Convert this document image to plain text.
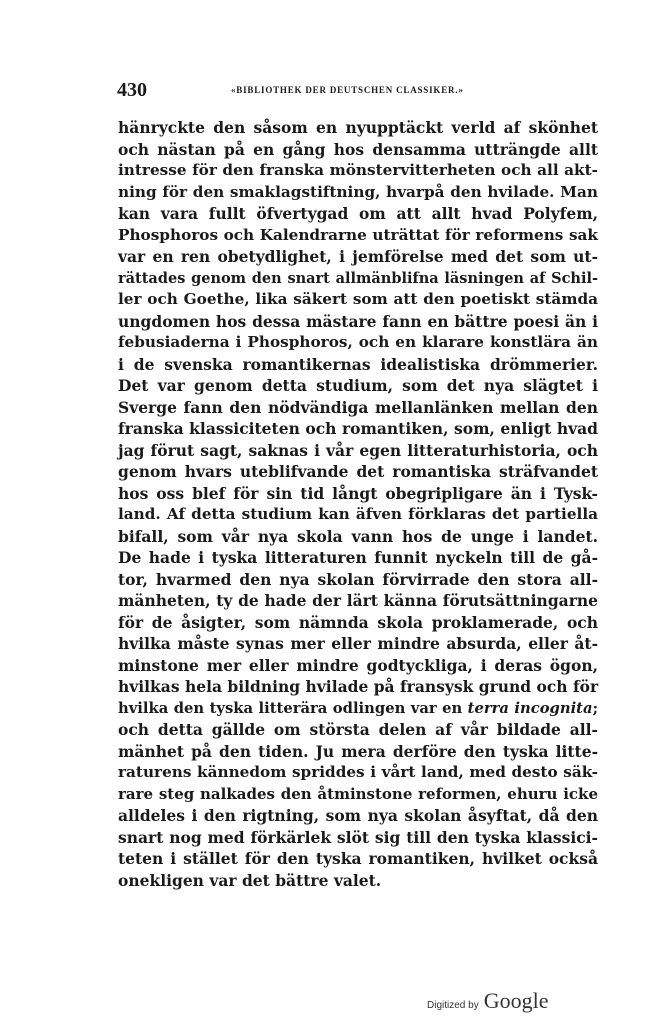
430	«BIBLIOTHEK DER DEUTSCHEN CLASSIKER.»
hänryckte den såsom en nyupptäckt verld af skönhet
och nästan på en gång hos densamma utträngde allt
intresse för den franska mönstervitterheten och all akt-
ning för den smaklagstiftning, hvarpå den hvilade. Man
kan vara fullt öfvertygad om att allt hvad Polyfem,
Phosphoros och Kalendrarne uträttat för reformens sak
var en ren obetydlighet, i jemförelse med det som ut-
rättades genom den snart allmänblifna läsningen af Schil-
ler och Goethe, lika säkert som att den poetiskt stämda
ungdomen hos dessa mästare fann en bättre poesi än i
febusiaderna i Phosphoros, och en klarare konstlära än
i de svenska romantikernas idealistiska drömmerier.
Det var genom detta studium, som det nya slägtet i
Sverge fann den nödvändiga mellanlänken mellan den
franska klassiciteten och romantiken, som, enligt hvad
jag förut sagt, saknas i vår egen litteraturhistoria, och
genom hvars uteblifvande det romantiska sträfvandet
hos oss blef för sin tid långt obegripligare än i Tysk-
land. Af detta studium kan äfven förklaras det partiella
bifall, som vår nya skola vann hos de unge i landet.
De hade i tyska litteraturen funnit nyckeln till de gå-
tor, hvarmed den nya skolan förvirrade den stora all-
mänheten, ty de hade der lärt känna förutsättningarne
för de åsigter, som nämnda skola proklamerade, och
hvilka måste synas mer eller mindre absurda, eller åt-
minstone mer eller mindre godtyckliga, i deras ögon,
hvilkas hela bildning hvilade på fransysk grund och för
hvilka den tyska litterära odlingen var en terra incognita;
och detta gällde om största delen af vår bildade all-
mänhet på den tiden. Ju mera derföre den tyska litte-
raturens kännedom spriddes i vårt land, med desto säk-
rare steg nalkades den åtminstone reformen, ehuru icke
alldeles i den rigtning, som nya skolan åsyftat, då den
snart nog med förkärlek slöt sig till den tyska klassici-
teten i stället för den tyska romantiken, hvilket också
onekligen var det bättre valet.
Digitized by Google
